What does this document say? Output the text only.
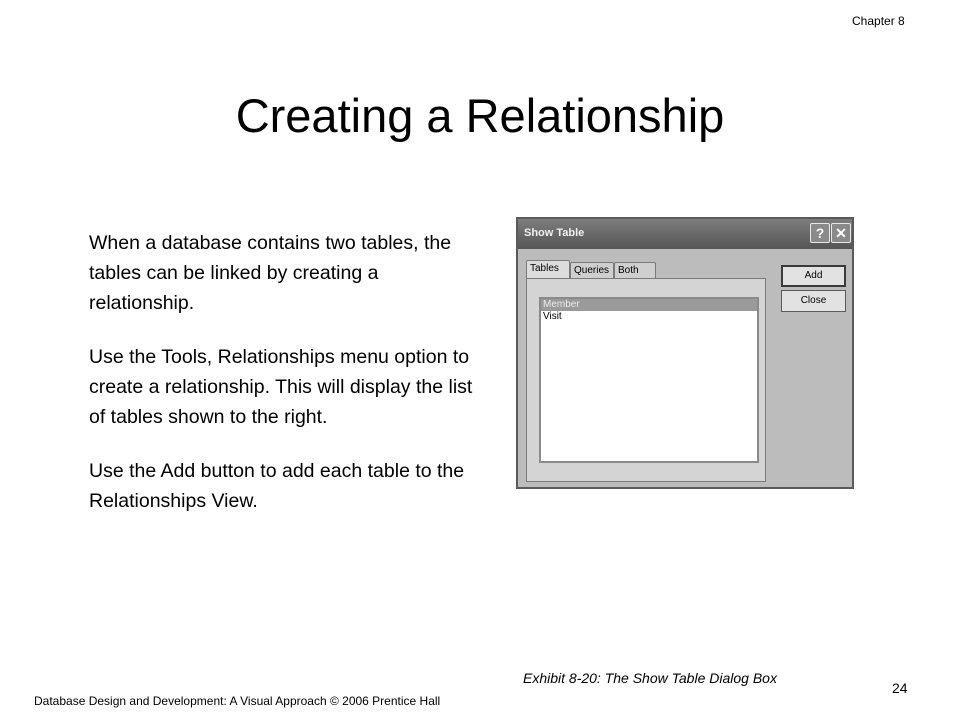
Chapter 8
Creating a Relationship

When a database contains two tables, the tables can be linked by creating a relationship.

Use the Tools, Relationships menu option to create a relationship. This will display the list of tables shown to the right.

Use the Add button to add each table to the Relationships View.

Show Table	? ✕
Tables	Queries Both
Member
Visit
Add
Close
Exhibit 8-20: The Show Table Dialog Box
Database Design and Development: A Visual Approach © 2006 Prentice Hall
24
